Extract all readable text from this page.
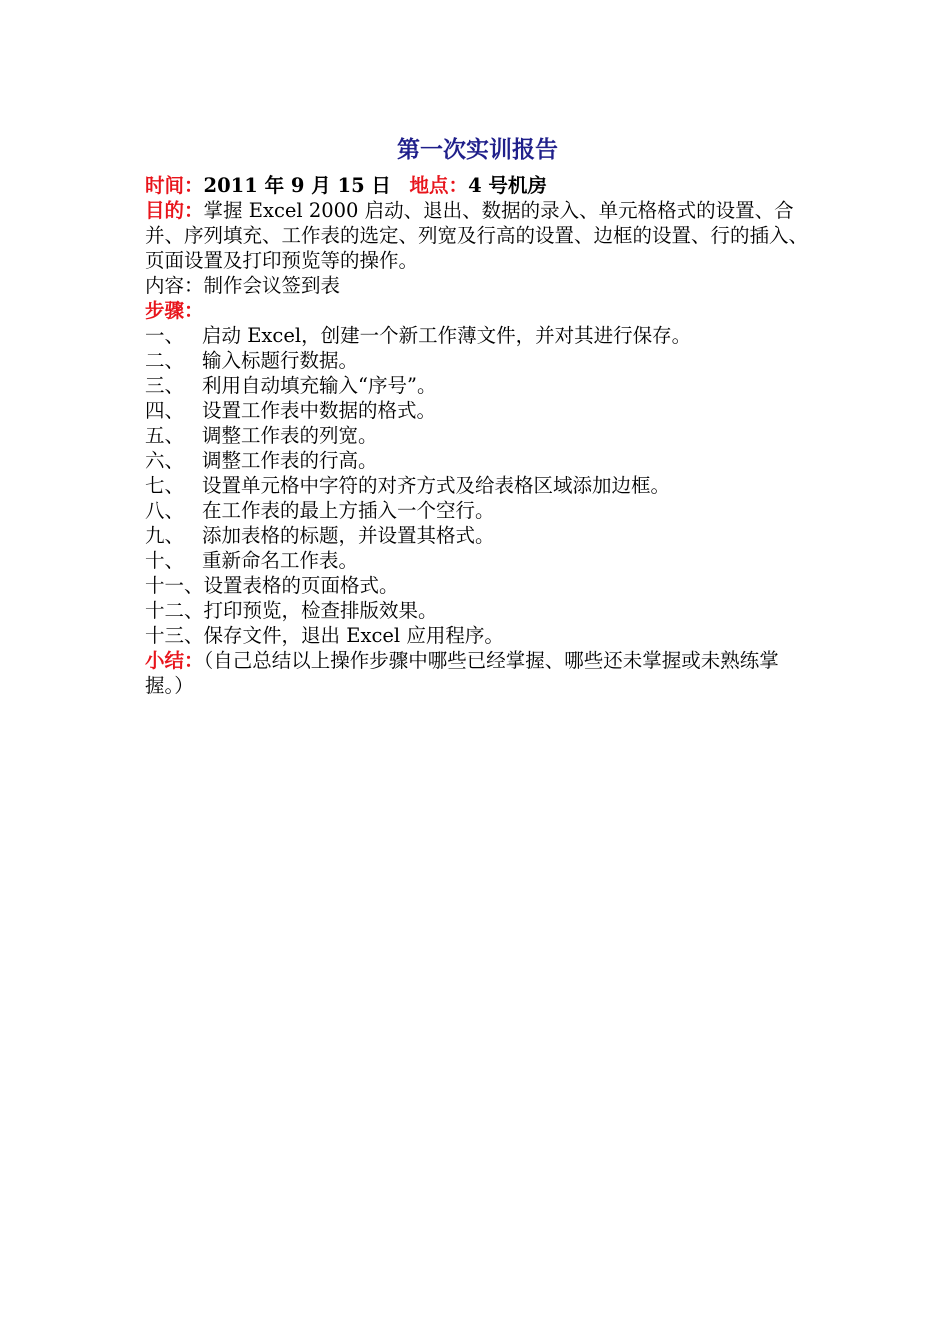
第一次实训报告
时间：2011 年 9 月 15 日 地点：4 号机房
目的：掌握 Excel 2000 启动、退出、数据的录入、单元格格式的设置、合并、序列填充、工作表的选定、列宽及行高的设置、边框的设置、行的插入、页面设置及打印预览等的操作。
内容：制作会议签到表
步骤：
一、 启动 Excel，创建一个新工作薄文件，并对其进行保存。
二、 输入标题行数据。
三、 利用自动填充输入“序号”。
四、 设置工作表中数据的格式。
五、 调整工作表的列宽。
六、 调整工作表的行高。
七、 设置单元格中字符的对齐方式及给表格区域添加边框。
八、 在工作表的最上方插入一个空行。
九、 添加表格的标题，并设置其格式。
十、 重新命名工作表。
十一、 设置表格的页面格式。
十二、 打印预览，检查排版效果。
十三、 保存文件，退出 Excel 应用程序。
小结：（自己总结以上操作步骤中哪些已经掌握、哪些还未掌握或未熟练掌握。）
